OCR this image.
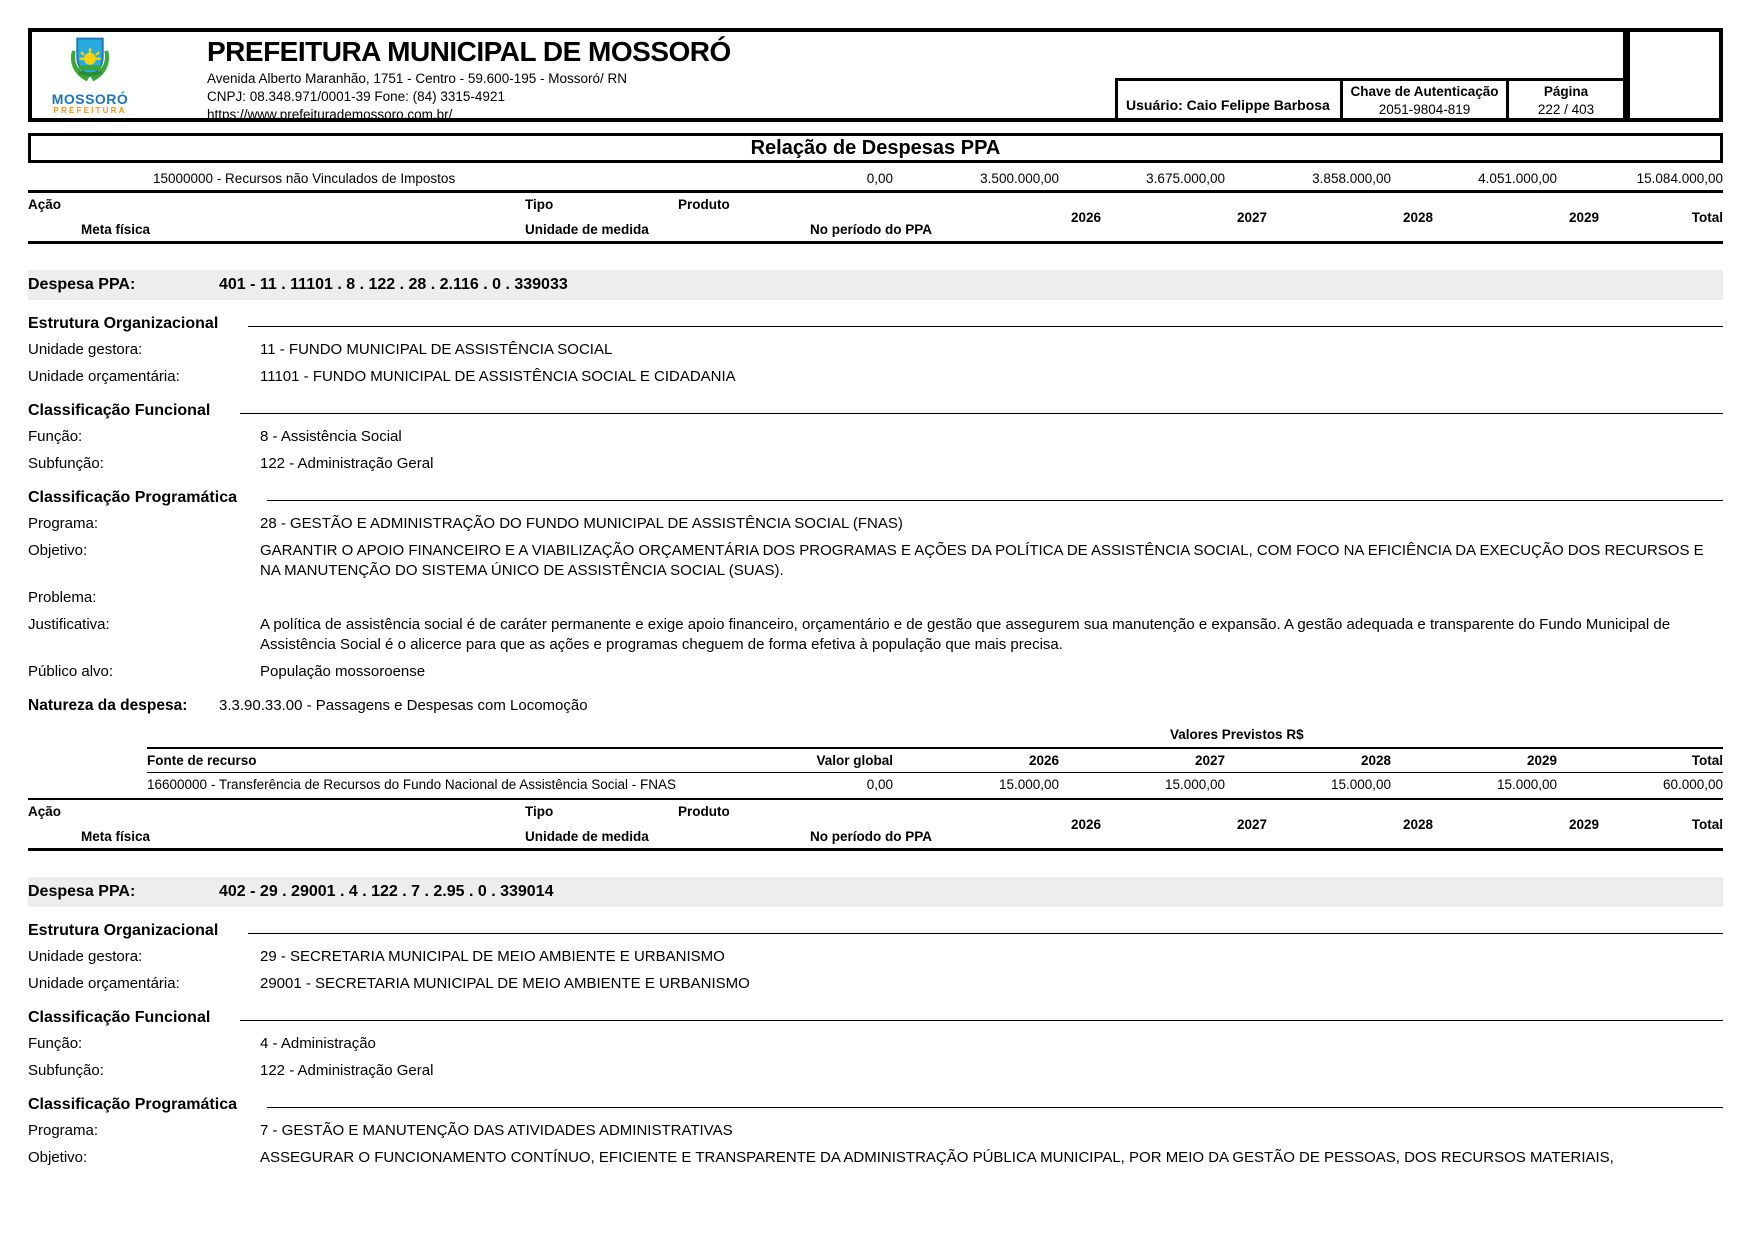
MOSSORÓ
PREFEITURA
PREFEITURA MUNICIPAL DE MOSSORÓ
Avenida Alberto Maranhão, 1751 - Centro - 59.600-195 - Mossoró/ RN
CNPJ: 08.348.971/0001-39 Fone: (84) 3315-4921
https://www.prefeiturademossoro.com.br/
Usuário: Caio Felippe Barbosa
Chave de Autenticação
2051-9804-819
Página
222 / 403
Relação de Despesas PPA
15000000 - Recursos não Vinculados de Impostos	0,00	3.500.000,00	3.675.000,00	3.858.000,00	4.051.000,00	15.084.000,00
Ação	Tipo	Produto
Meta física	Unidade de medida	No período do PPA
2026	2027	2028	2029	Total
Despesa PPA:	401 - 11 . 11101 . 8 . 122 . 28 . 2.116 . 0 . 339033
Estrutura Organizacional
Unidade gestora:	11 - FUNDO MUNICIPAL DE ASSISTÊNCIA SOCIAL
Unidade orçamentária:	11101 - FUNDO MUNICIPAL DE ASSISTÊNCIA SOCIAL E CIDADANIA
Classificação Funcional
Função:	8 - Assistência Social
Subfunção:	122 - Administração Geral
Classificação Programática
Programa:	28 - GESTÃO E ADMINISTRAÇÃO DO FUNDO MUNICIPAL DE ASSISTÊNCIA SOCIAL (FNAS)
Objetivo:	GARANTIR O APOIO FINANCEIRO E A VIABILIZAÇÃO ORÇAMENTÁRIA DOS PROGRAMAS E AÇÕES DA POLÍTICA DE ASSISTÊNCIA SOCIAL, COM FOCO NA EFICIÊNCIA DA EXECUÇÃO DOS RECURSOS E NA MANUTENÇÃO DO SISTEMA ÚNICO DE ASSISTÊNCIA SOCIAL (SUAS).
Problema:
Justificativa:	A política de assistência social é de caráter permanente e exige apoio financeiro, orçamentário e de gestão que assegurem sua manutenção e expansão. A gestão adequada e transparente do Fundo Municipal de Assistência Social é o alicerce para que as ações e programas cheguem de forma efetiva à população que mais precisa.
Público alvo:	População mossoroense
Natureza da despesa:	3.3.90.33.00 - Passagens e Despesas com Locomoção
Valores Previstos R$
Fonte de recurso	Valor global	2026	2027	2028	2029	Total
16600000 - Transferência de Recursos do Fundo Nacional de Assistência Social - FNAS	0,00	15.000,00	15.000,00	15.000,00	15.000,00	60.000,00
Ação	Tipo	Produto
Meta física	Unidade de medida	No período do PPA
2026	2027	2028	2029	Total
Despesa PPA:	402 - 29 . 29001 . 4 . 122 . 7 . 2.95 . 0 . 339014
Estrutura Organizacional
Unidade gestora:	29 - SECRETARIA MUNICIPAL DE MEIO AMBIENTE E URBANISMO
Unidade orçamentária:	29001 - SECRETARIA MUNICIPAL DE MEIO AMBIENTE E URBANISMO
Classificação Funcional
Função:	4 - Administração
Subfunção:	122 - Administração Geral
Classificação Programática
Programa:	7 - GESTÃO E MANUTENÇÃO DAS ATIVIDADES ADMINISTRATIVAS
Objetivo:	ASSEGURAR O FUNCIONAMENTO CONTÍNUO, EFICIENTE E TRANSPARENTE DA ADMINISTRAÇÃO PÚBLICA MUNICIPAL, POR MEIO DA GESTÃO DE PESSOAS, DOS RECURSOS MATERIAIS,
